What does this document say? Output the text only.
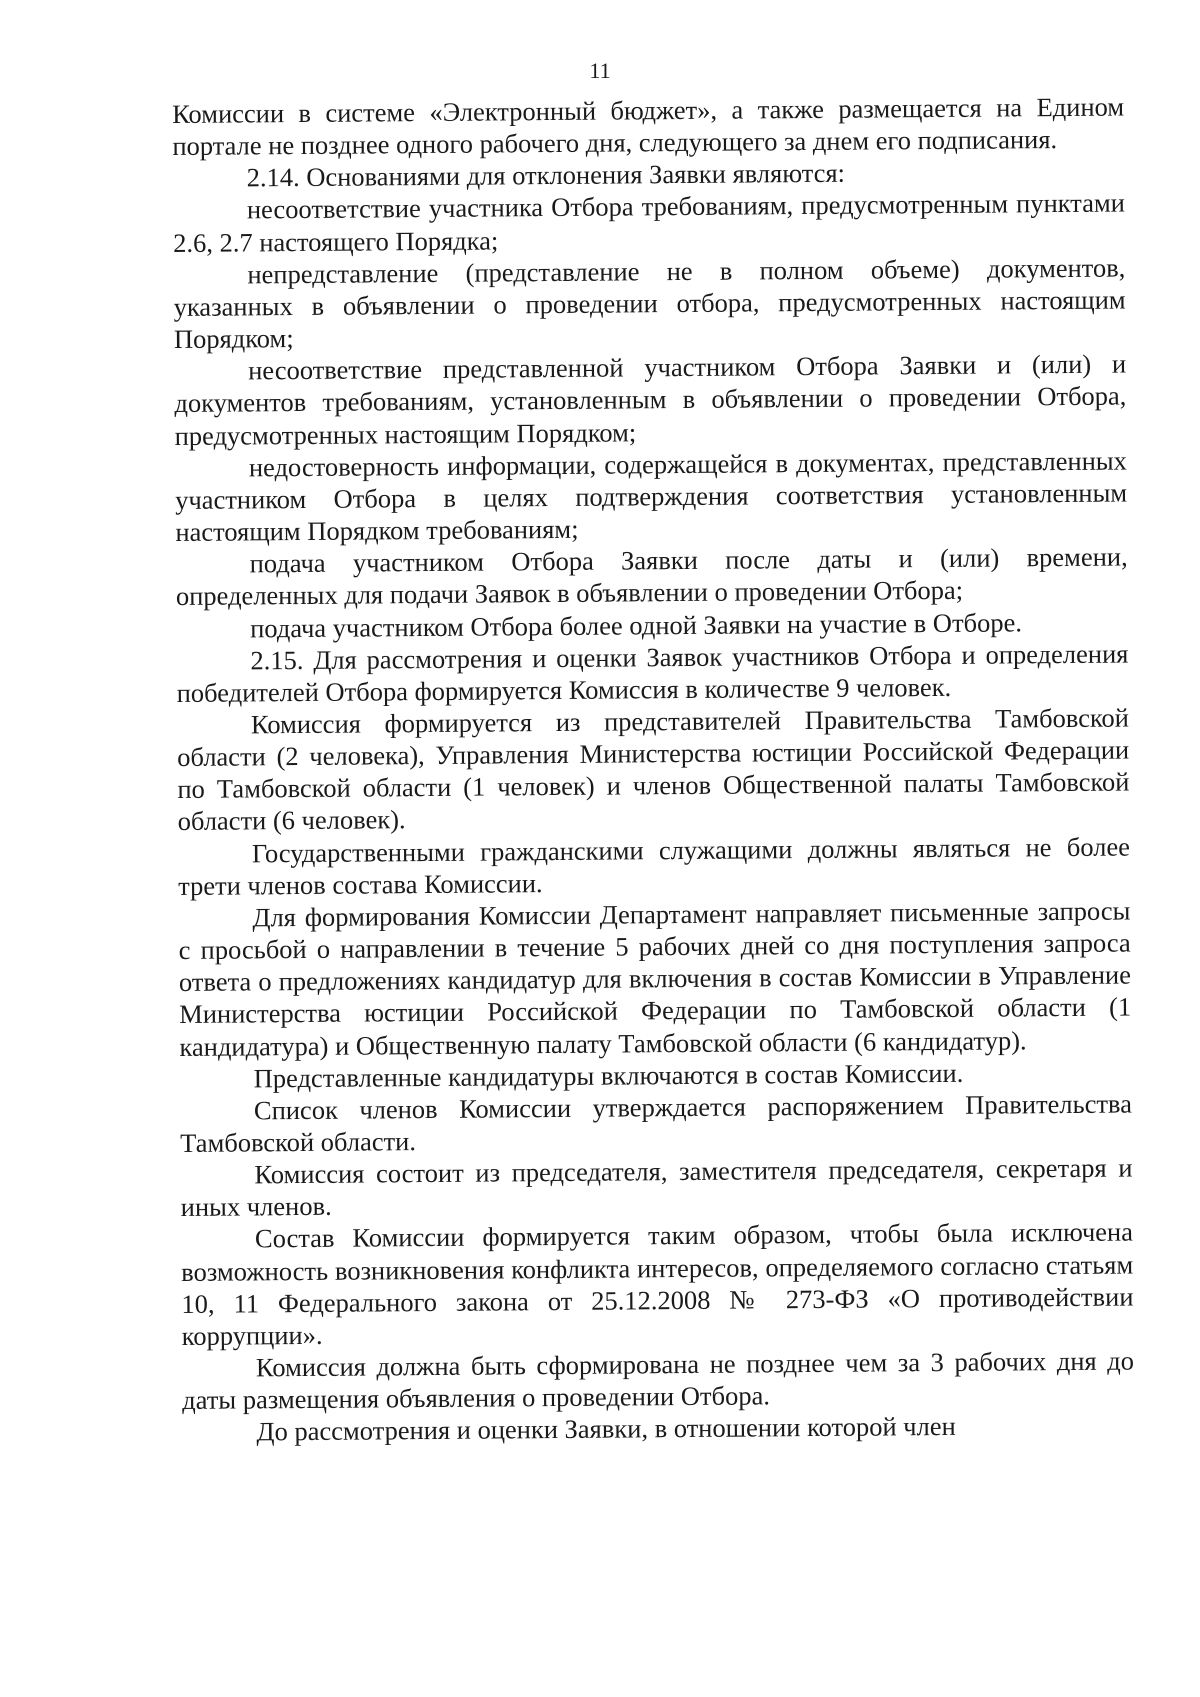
11

Комиссии в системе «Электронный бюджет», а также размещается на Едином портале не позднее одного рабочего дня, следующего за днем его подписания.

2.14. Основаниями для отклонения Заявки являются:

несоответствие участника Отбора требованиям, предусмотренным пунктами 2.6, 2.7 настоящего Порядка;

непредставление (представление не в полном объеме) документов, указанных в объявлении о проведении отбора, предусмотренных настоящим Порядком;

несоответствие представленной участником Отбора Заявки и (или) и документов требованиям, установленным в объявлении о проведении Отбора, предусмотренных настоящим Порядком;

недостоверность информации, содержащейся в документах, представленных участником Отбора в целях подтверждения соответствия установленным настоящим Порядком требованиям;

подача участником Отбора Заявки после даты и (или) времени, определенных для подачи Заявок в объявлении о проведении Отбора;

подача участником Отбора более одной Заявки на участие в Отборе.

2.15. Для рассмотрения и оценки Заявок участников Отбора и определения победителей Отбора формируется Комиссия в количестве 9 человек.

Комиссия формируется из представителей Правительства Тамбовской области (2 человека), Управления Министерства юстиции Российской Федерации по Тамбовской области (1 человек) и членов Общественной палаты Тамбовской области (6 человек).

Государственными гражданскими служащими должны являться не более трети членов состава Комиссии.

Для формирования Комиссии Департамент направляет письменные запросы с просьбой о направлении в течение 5 рабочих дней со дня поступления запроса ответа о предложениях кандидатур для включения в состав Комиссии в Управление Министерства юстиции Российской Федерации по Тамбовской области (1 кандидатура) и Общественную палату Тамбовской области (6 кандидатур).

Представленные кандидатуры включаются в состав Комиссии.

Список членов Комиссии утверждается распоряжением Правительства Тамбовской области.

Комиссия состоит из председателя, заместителя председателя, секретаря и иных членов.

Состав Комиссии формируется таким образом, чтобы была исключена возможность возникновения конфликта интересов, определяемого согласно статьям 10, 11 Федерального закона от 25.12.2008 № 273-ФЗ «О противодействии коррупции».

Комиссия должна быть сформирована не позднее чем за 3 рабочих дня до даты размещения объявления о проведении Отбора.

До рассмотрения и оценки Заявки, в отношении которой член
